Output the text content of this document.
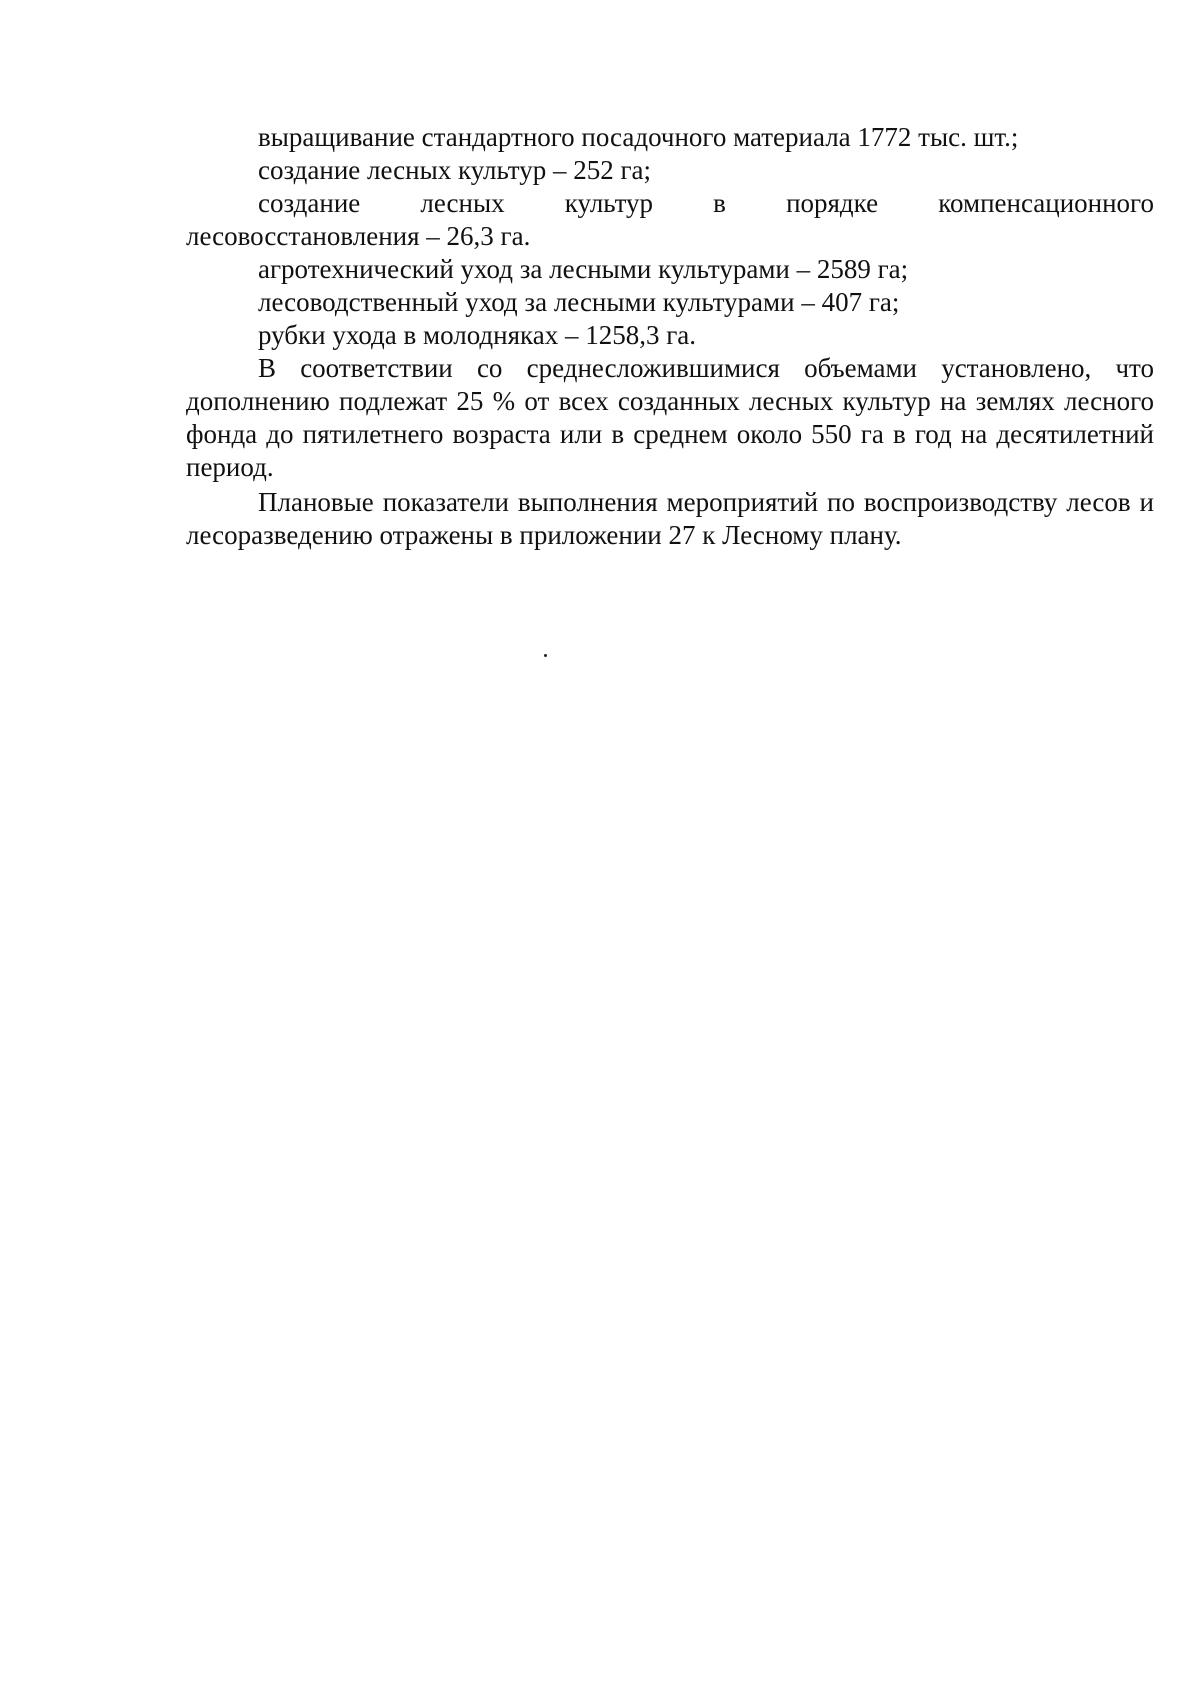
выращивание стандартного посадочного материала 1772 тыс. шт.;
создание лесных культур – 252 га;
создание лесных культур в порядке компенсационного
лесовосстановления – 26,3 га.
агротехнический уход за лесными культурами – 2589 га;
лесоводственный уход за лесными культурами – 407 га;
рубки ухода в молодняках – 1258,3 га.

В соответствии со среднесложившимися объемами установлено, что дополнению подлежат 25 % от всех созданных лесных культур на землях лесного фонда до пятилетнего возраста или в среднем около 550 га в год на десятилетний период.

Плановые показатели выполнения мероприятий по воспроизводству лесов и лесоразведению отражены в приложении 27 к Лесному плану.
